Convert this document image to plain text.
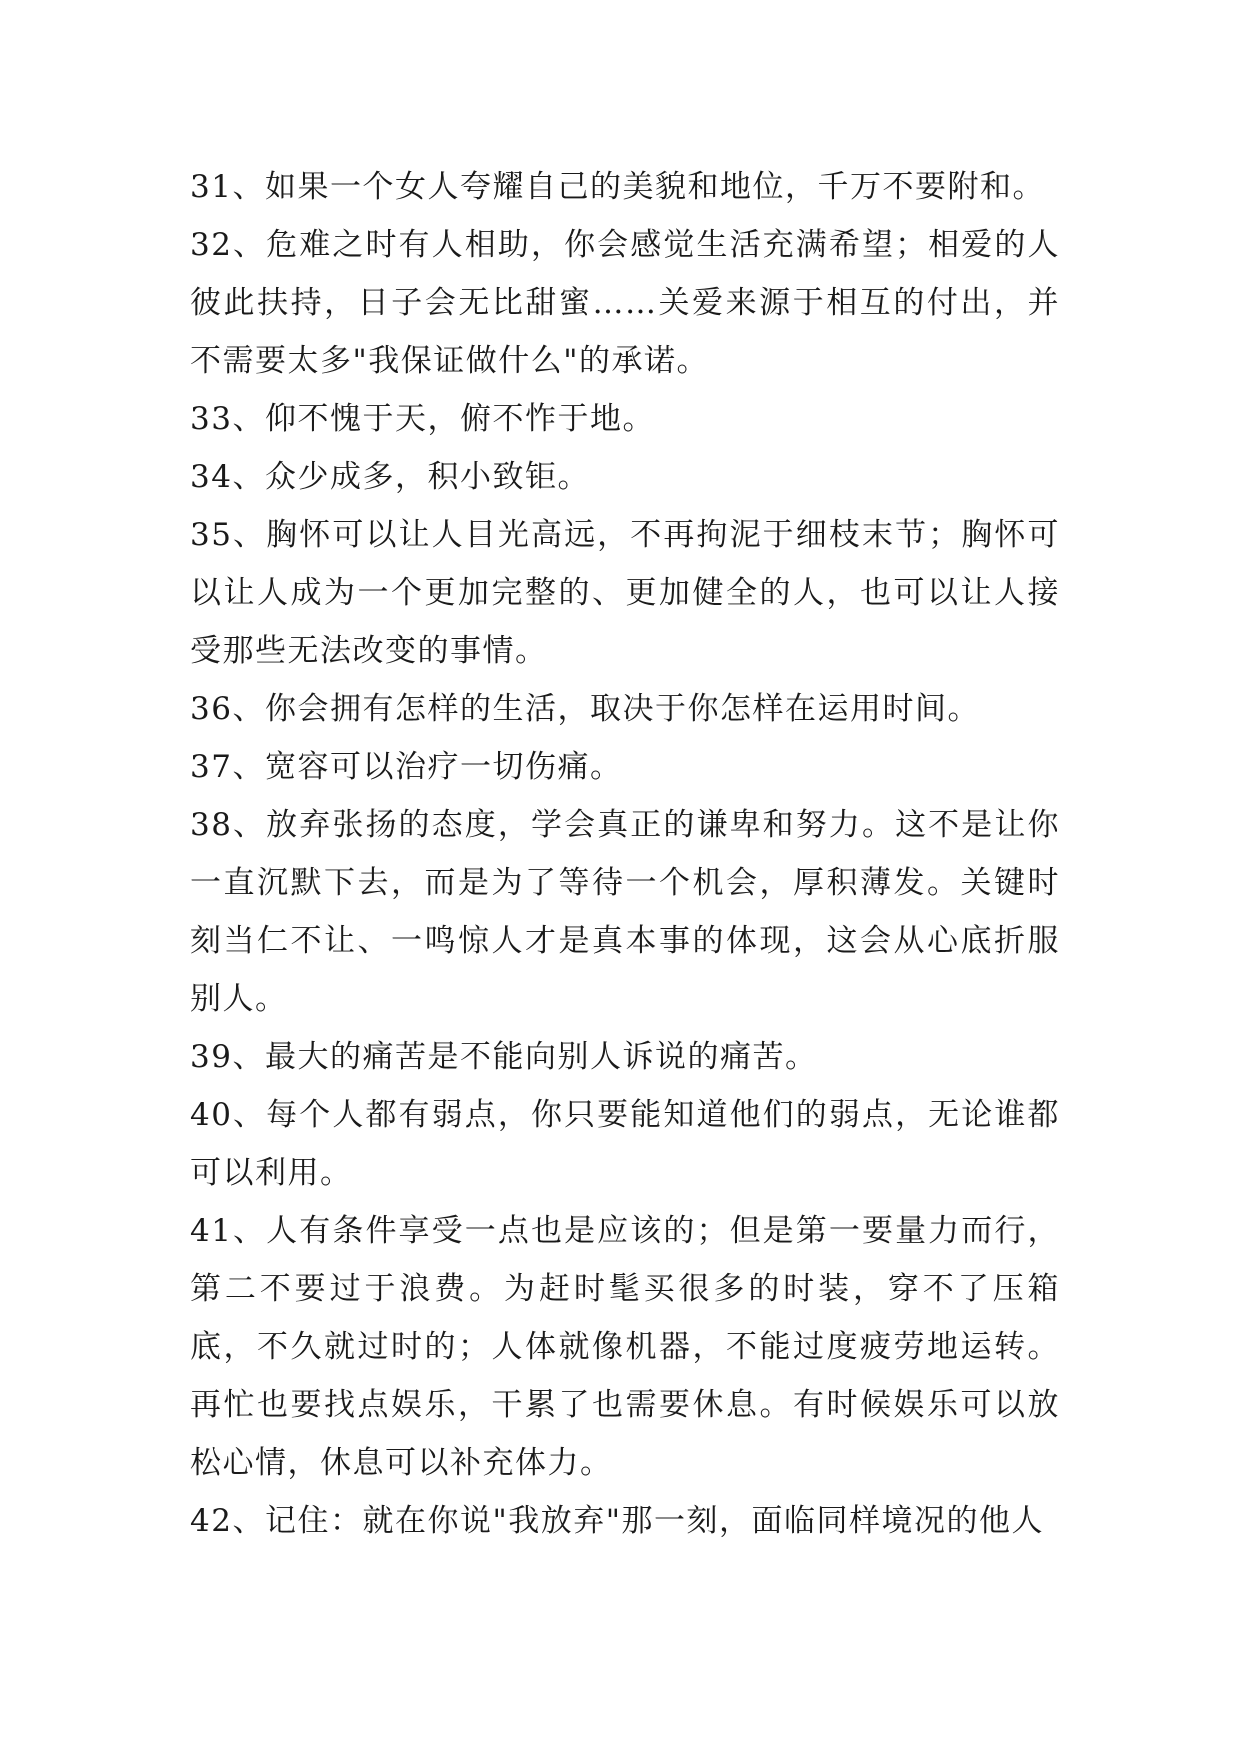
31、如果一个女人夸耀自己的美貌和地位，千万不要附和。

32、危难之时有人相助，你会感觉生活充满希望；相爱的人彼此扶持，日子会无比甜蜜……关爱来源于相互的付出，并不需要太多"我保证做什么"的承诺。

33、仰不愧于天，俯不怍于地。

34、众少成多，积小致钜。

35、胸怀可以让人目光高远，不再拘泥于细枝末节；胸怀可以让人成为一个更加完整的、更加健全的人，也可以让人接受那些无法改变的事情。

36、你会拥有怎样的生活，取决于你怎样在运用时间。

37、宽容可以治疗一切伤痛。

38、放弃张扬的态度，学会真正的谦卑和努力。这不是让你一直沉默下去，而是为了等待一个机会，厚积薄发。关键时刻当仁不让、一鸣惊人才是真本事的体现，这会从心底折服别人。

39、最大的痛苦是不能向别人诉说的痛苦。

40、每个人都有弱点，你只要能知道他们的弱点，无论谁都可以利用。

41、人有条件享受一点也是应该的；但是第一要量力而行，第二不要过于浪费。为赶时髦买很多的时装，穿不了压箱底，不久就过时的；人体就像机器，不能过度疲劳地运转。再忙也要找点娱乐，干累了也需要休息。有时候娱乐可以放松心情，休息可以补充体力。

42、记住：就在你说"我放弃"那一刻，面临同样境况的他人
